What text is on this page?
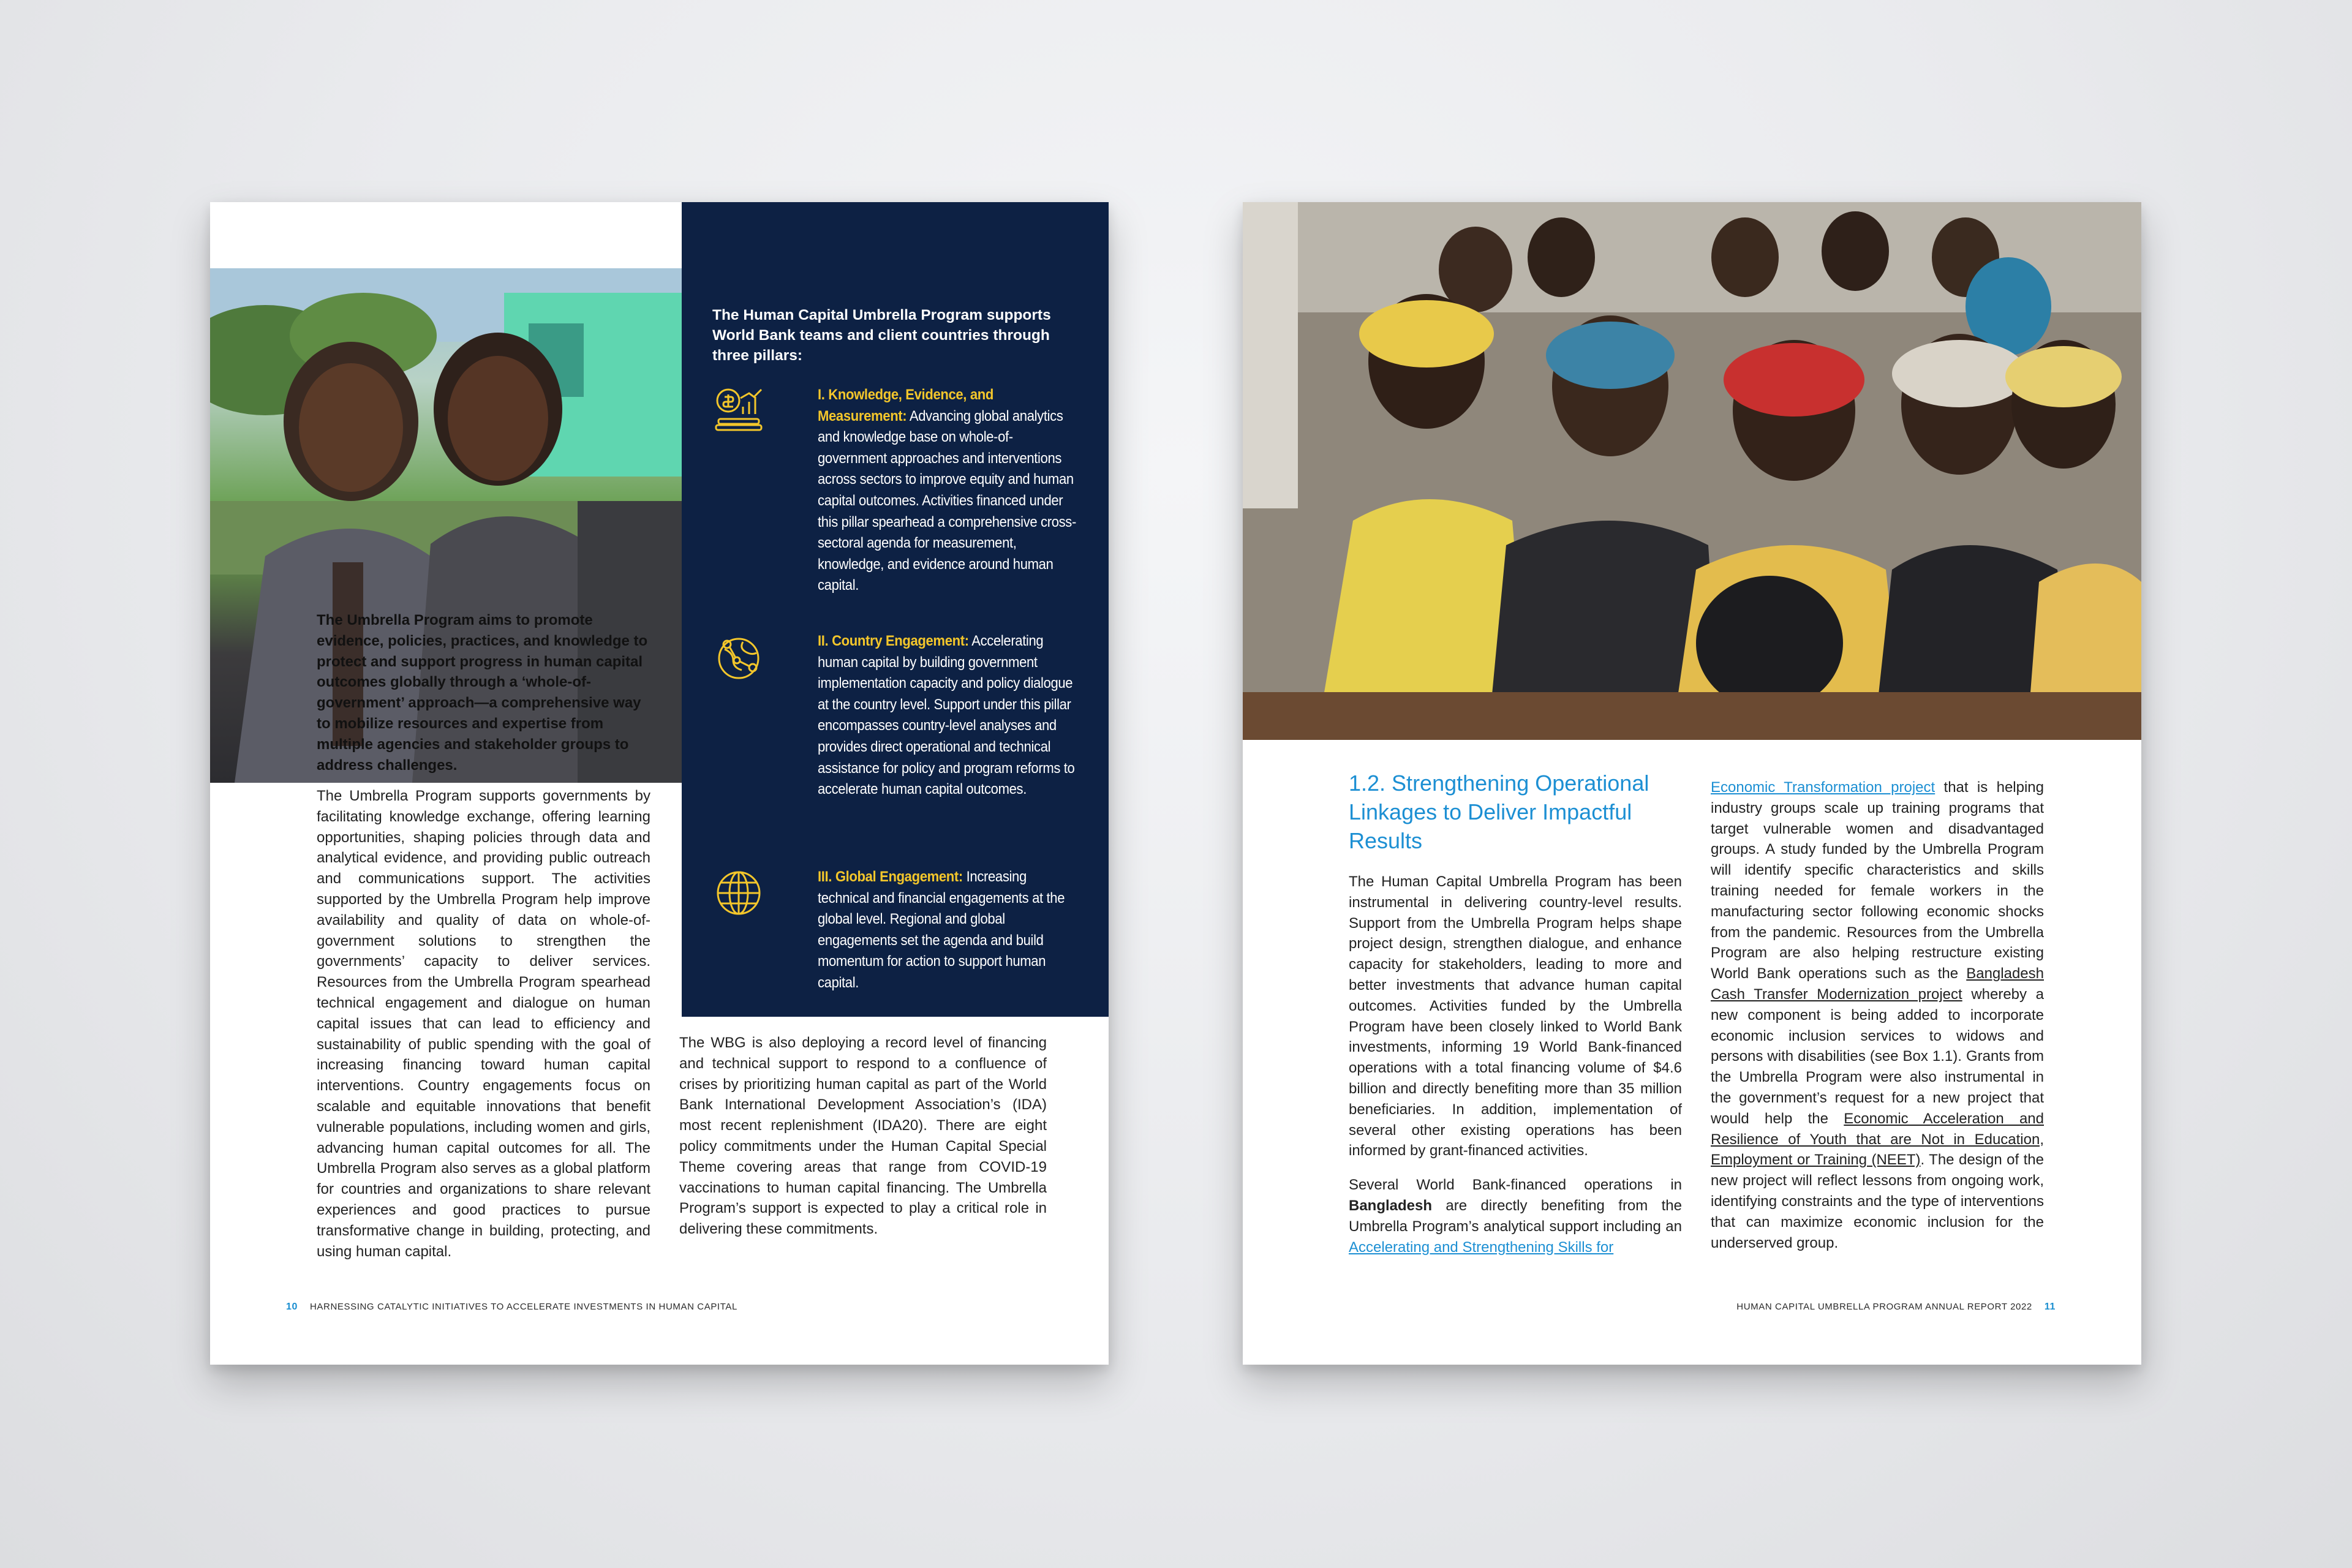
The Human Capital Umbrella Program supports World Bank teams and client countries through three pillars:
I. Knowledge, Evidence, and Measurement: Advancing global analytics and knowledge base on whole-of-government approaches and interventions across sectors to improve equity and human capital outcomes. Activities financed under this pillar spearhead a comprehensive cross-sectoral agenda for measurement, knowledge, and evidence around human capital.
II. Country Engagement: Accelerating human capital by building government implementation capacity and policy dialogue at the country level. Support under this pillar encompasses country-level analyses and provides direct operational and technical assistance for policy and program reforms to accelerate human capital outcomes.
III. Global Engagement: Increasing technical and financial engagements at the global level. Regional and global engagements set the agenda and build momentum for action to support human capital.
The Umbrella Program aims to promote evidence, policies, practices, and knowledge to protect and support progress in human capital outcomes globally through a ‘whole-of-government’ approach—a comprehensive way to mobilize resources and expertise from multiple agencies and stakeholder groups to address challenges.
The Umbrella Program supports governments by facilitating knowledge exchange, offering learning opportunities, shaping policies through data and analytical evidence, and providing public outreach and communications support. The activities supported by the Umbrella Program help improve availability and quality of data on whole-of-government solutions to strengthen the governments’ capacity to deliver services. Resources from the Umbrella Program spearhead technical engagement and dialogue on human capital issues that can lead to efficiency and sustainability of public spending with the goal of increasing financing toward human capital interventions. Country engagements focus on scalable and equitable innovations that benefit vulnerable populations, including women and girls, advancing human capital outcomes for all. The Umbrella Program also serves as a global platform for countries and organizations to share relevant experiences and good practices to pursue transformative change in building, protecting, and using human capital.
The WBG is also deploying a record level of financing and technical support to respond to a confluence of crises by prioritizing human capital as part of the World Bank International Development Association’s (IDA) most recent replenishment (IDA20). There are eight policy commitments under the Human Capital Special Theme covering areas that range from COVID-19 vaccinations to human capital financing. The Umbrella Program’s support is expected to play a critical role in delivering these commitments.
10 HARNESSING CATALYTIC INITIATIVES TO ACCELERATE INVESTMENTS IN HUMAN CAPITAL
1.2. Strengthening Operational Linkages to Deliver Impactful Results

The Human Capital Umbrella Program has been instrumental in delivering country-level results. Support from the Umbrella Program helps shape project design, strengthen dialogue, and enhance capacity for stakeholders, leading to more and better investments that advance human capital outcomes. Activities funded by the Umbrella Program have been closely linked to World Bank investments, informing 19 World Bank-financed operations with a total financing volume of $4.6 billion and directly benefiting more than 35 million beneficiaries. In addition, implementation of several other existing operations has been informed by grant-financed activities.

Several World Bank-financed operations in Bangladesh are directly benefiting from the Umbrella Program’s analytical support including an Accelerating and Strengthening Skills for

Economic Transformation project that is helping industry groups scale up training programs that target vulnerable women and disadvantaged groups. A study funded by the Umbrella Program will identify specific characteristics and skills training needed for female workers in the manufacturing sector following economic shocks from the pandemic. Resources from the Umbrella Program are also helping restructure existing World Bank operations such as the Bangladesh Cash Transfer Modernization project whereby a new component is being added to incorporate economic inclusion services to widows and persons with disabilities (see Box 1.1). Grants from the Umbrella Program were also instrumental in the government’s request for a new project that would help the Economic Acceleration and Resilience of Youth that are Not in Education, Employment or Training (NEET). The design of the new project will reflect lessons from ongoing work, identifying constraints and the type of interventions that can maximize economic inclusion for the underserved group.

HUMAN CAPITAL UMBRELLA PROGRAM ANNUAL REPORT 2022 11
